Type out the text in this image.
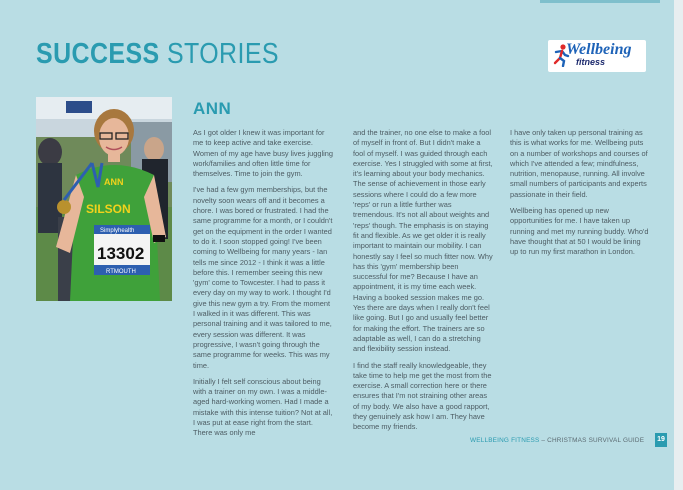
SUCCESS STORIES	Wellbeing
fitness
ANN
SILSON
Simplyhealth
13302
RTMOUTH
ANN

As I got older I knew it was important for me to keep active and take exercise. Women of my age have busy lives juggling work/families and often little time for themselves. Time to join the gym.

I've had a few gym memberships, but the novelty soon wears off and it becomes a chore. I was bored or frustrated. I had the same programme for a month, or I couldn't get on the equipment in the order I wanted to do it. I soon stopped going! I've been coming to Wellbeing for many years - Ian tells me since 2012 - I think it was a little before this. I remember seeing this new 'gym' come to Towcester. I had to pass it every day on my way to work. I thought I'd give this new gym a try. From the moment I walked in it was different. This was personal training and it was tailored to me, every session was different. It was progressive, I wasn't going through the same programme for weeks. This was my time.

Initially I felt self conscious about being with a trainer on my own. I was a middle-aged hard-working women. Had I made a mistake with this intense tuition? Not at all, I was put at ease right from the start. There was only me

and the trainer, no one else to make a fool of myself in front of. But I didn't make a fool of myself. I was guided through each exercise. Yes I struggled with some at first, it's learning about your body mechanics. The sense of achievement in those early sessions where I could do a few more 'reps' or run a little further was tremendous. It's not all about weights and 'reps' though. The emphasis is on staying fit and flexible. As we get older it is really important to maintain our mobility. I can honestly say I feel so much fitter now. Why has this 'gym' membership been successful for me? Because I have an appointment, it is my time each week. Having a booked session makes me go. Yes there are days when I really don't feel like going. But I go and usually feel better for making the effort. The trainers are so adaptable as well, I can do a stretching and flexibility session instead.

I find the staff really knowledgeable, they take time to help me get the most from the exercise. A small correction here or there ensures that I'm not straining other areas of my body. We also have a good rapport, they genuinely ask how I am. They have become my friends.

I have only taken up personal training as this is what works for me. Wellbeing puts on a number of workshops and courses of which I've attended a few; mindfulness, nutrition, menopause, running. All involve small numbers of participants and experts passionate in their field.

Wellbeing has opened up new opportunities for me. I have taken up running and met my running buddy. Who'd have thought that at 50 I would be lining up to run my first marathon in London.

WELLBEING FITNESS – CHRISTMAS SURVIVAL GUIDE 19
